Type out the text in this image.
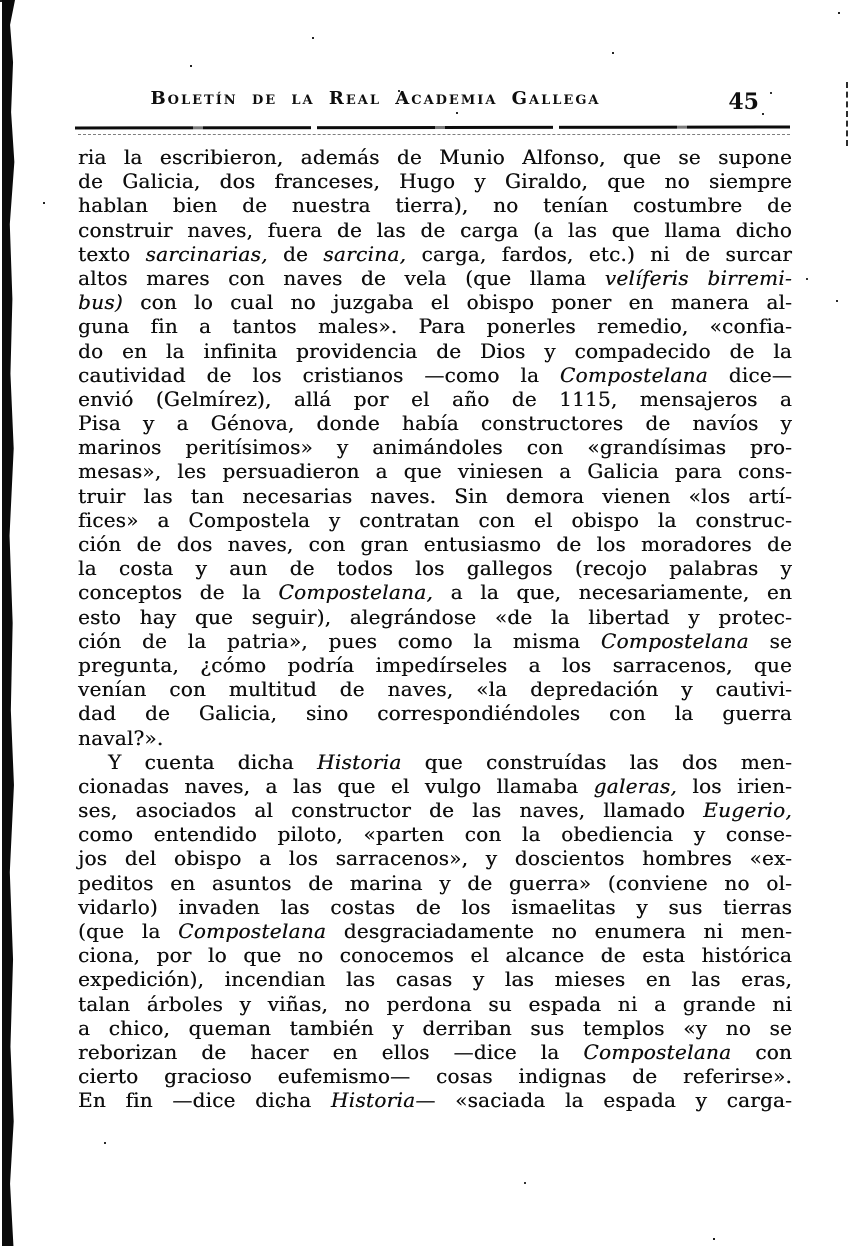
Boletín de la Real Academia Gallega	45
ria la escribieron, además de Munio Alfonso, que se supone
de Galicia, dos franceses, Hugo y Giraldo, que no siempre
hablan bien de nuestra tierra), no tenían costumbre de
construir naves, fuera de las de carga (a las que llama dicho
texto sarcinarias, de sarcina, carga, fardos, etc.) ni de surcar
altos mares con naves de vela (que llama velíferis birremi-
bus) con lo cual no juzgaba el obispo poner en manera al-
guna fin a tantos males». Para ponerles remedio, «confia-
do en la infinita providencia de Dios y compadecido de la
cautividad de los cristianos —como la Compostelana dice—
envió (Gelmírez), allá por el año de 1115, mensajeros a
Pisa y a Génova, donde había constructores de navíos y
marinos peritísimos» y animándoles con «grandísimas pro-
mesas», les persuadieron a que viniesen a Galicia para cons-
truir las tan necesarias naves. Sin demora vienen «los artí-
fices» a Compostela y contratan con el obispo la construc-
ción de dos naves, con gran entusiasmo de los moradores de
la costa y aun de todos los gallegos (recojo palabras y
conceptos de la Compostelana, a la que, necesariamente, en
esto hay que seguir), alegrándose «de la libertad y protec-
ción de la patria», pues como la misma Compostelana se
pregunta, ¿cómo podría impedírseles a los sarracenos, que
venían con multitud de naves, «la depredación y cautivi-
dad de Galicia, sino correspondiéndoles con la guerra
naval?».
Y cuenta dicha Historia que construídas las dos men-
cionadas naves, a las que el vulgo llamaba galeras, los irien-
ses, asociados al constructor de las naves, llamado Eugerio,
como entendido piloto, «parten con la obediencia y conse-
jos del obispo a los sarracenos», y doscientos hombres «ex-
peditos en asuntos de marina y de guerra» (conviene no ol-
vidarlo) invaden las costas de los ismaelitas y sus tierras
(que la Compostelana desgraciadamente no enumera ni men-
ciona, por lo que no conocemos el alcance de esta histórica
expedición), incendian las casas y las mieses en las eras,
talan árboles y viñas, no perdona su espada ni a grande ni
a chico, queman también y derriban sus templos «y no se
reborizan de hacer en ellos —dice la Compostelana con
cierto gracioso eufemismo— cosas indignas de referirse».
En fin —dice dicha Historia— «saciada la espada y carga-
